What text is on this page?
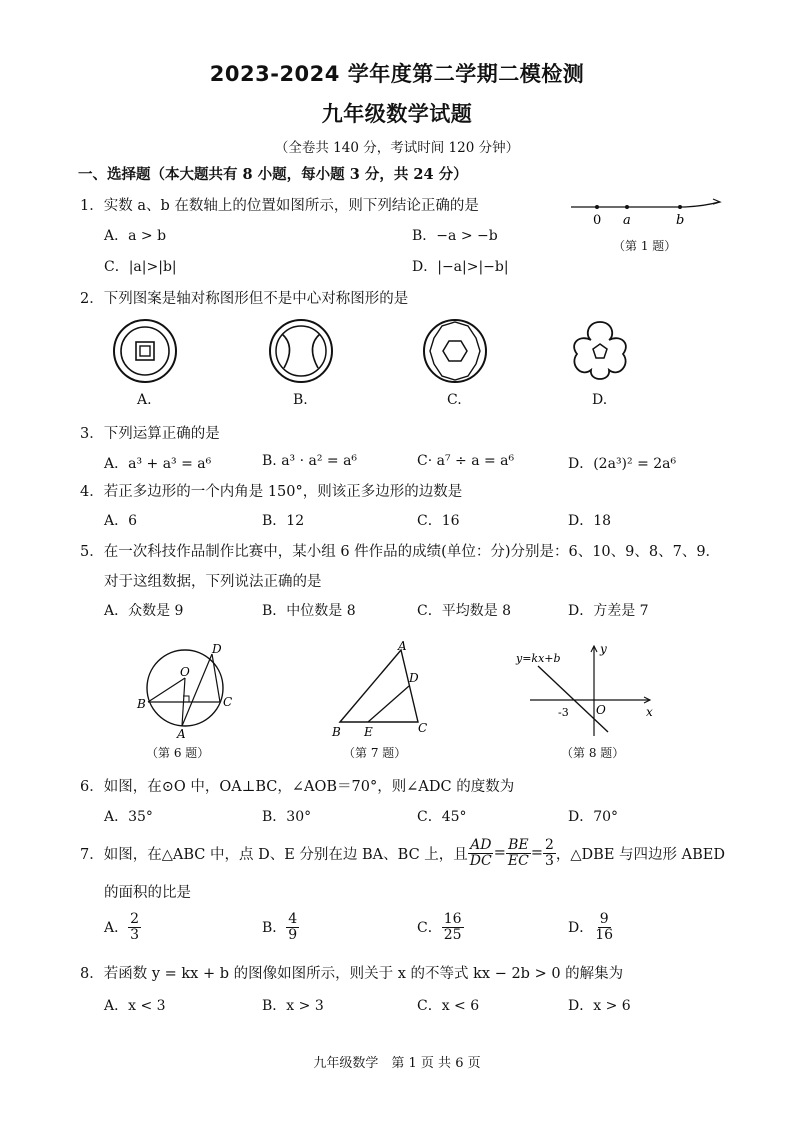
2023-2024 学年度第二学期二模检测
九年级数学试题
（全卷共 140 分，考试时间 120 分钟）
一、选择题（本大题共有 8 小题，每小题 3 分，共 24 分）
1．实数 a、b 在数轴上的位置如图所示，则下列结论正确的是
A．a > b	B．−a > −b
C．|a|>|b|	D．|−a|>|−b|
0 a	b
（第 1 题）
2．下列图案是轴对称图形但不是中心对称图形的是
A.	B.	C.	D.
3．下列运算正确的是
A．a³ + a³ = a⁶	B. a³ · a² = a⁶	C· a⁷ ÷ a = a⁶	D．(2a³)² = 2a⁶
4．若正多边形的一个内角是 150°，则该正多边形的边数是
A．6	B．12	C．16	D．18
5．在一次科技作品制作比赛中，某小组 6 件作品的成绩(单位：分)分别是：6、10、9、8、7、9．
对于这组数据，下列说法正确的是
A．众数是 9	B．中位数是 8	C．平均数是 8	D．方差是 7
O
D
B	C
A
（第 6 题）
A
D
B E	C
（第 7 题）
y
y=kx+b
-3 O	x
（第 8 题）
6．如图，在⊙O 中，OA⊥BC，∠AOB＝70°，则∠ADC 的度数为
A．35°	B．30°	C．45°	D．70°
7．如图，在△ABC 中，点 D、E 分别在边 BA、BC 上，且 $\frac{AD}{DC} = \frac{BE}{EC} = \frac{2}{3}$ ，△DBE 与四边形 ABED
的面积的比是
A． $\frac{2}{3}$	B． $\frac{4}{9}$	C． $\frac{16}{25}$	D． $\frac{9}{16}$
8．若函数 y = kx + b 的图像如图所示，则关于 x 的不等式 kx − 2b > 0 的解集为
A．x < 3	B．x > 3	C．x < 6	D．x > 6
九年级数学　第 1 页 共 6 页
